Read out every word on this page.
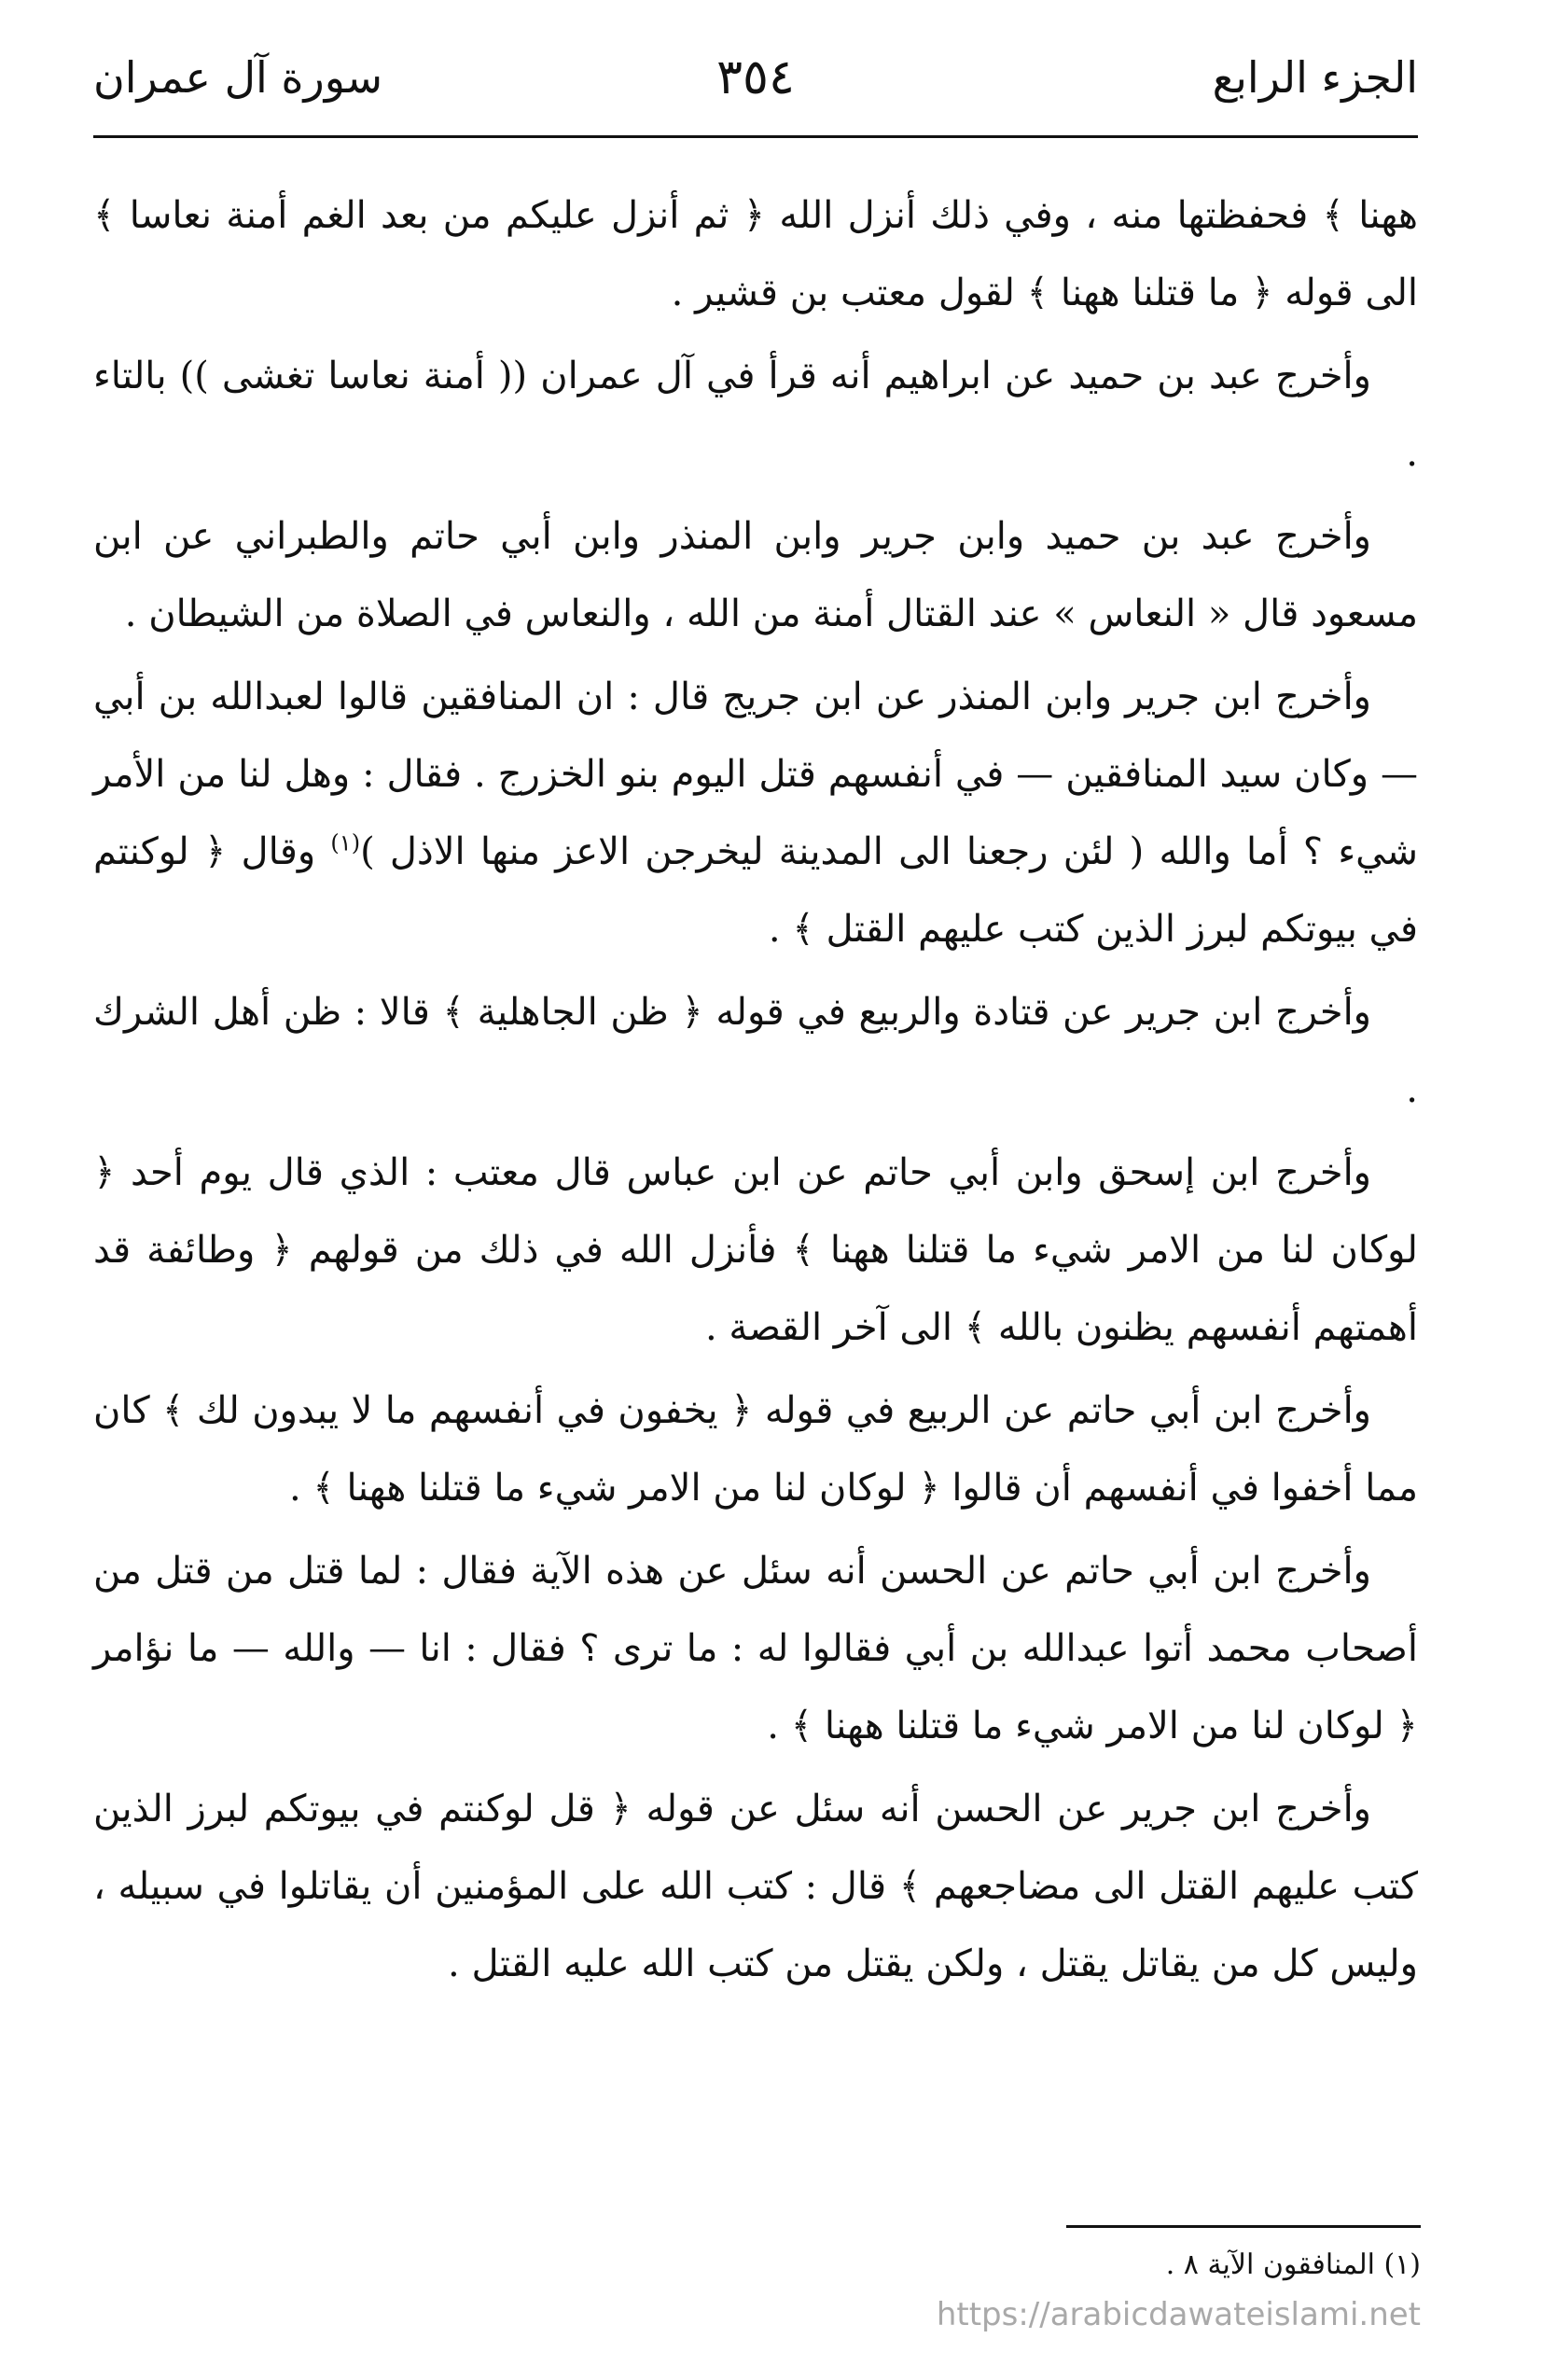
الجزء الرابع
٣٥٤
سورة آل عمران

ههنا ﴾ فحفظتها منه ، وفي ذلك أنزل الله ﴿ ثم أنزل عليكم من بعد الغم أمنة نعاسا ﴾ الى قوله ﴿ ما قتلنا ههنا ﴾ لقول معتب بن قشير .

وأخرج عبد بن حميد عن ابراهيم أنه قرأ في آل عمران (( أمنة نعاسا تغشى )) بالتاء .

وأخرج عبد بن حميد وابن جرير وابن المنذر وابن أبي حاتم والطبراني عن ابن مسعود قال « النعاس » عند القتال أمنة من الله ، والنعاس في الصلاة من الشيطان .

وأخرج ابن جرير وابن المنذر عن ابن جريج قال : ان المنافقين قالوا لعبدالله بن أبي — وكان سيد المنافقين — في أنفسهم قتل اليوم بنو الخزرج . فقال : وهل لنا من الأمر شيء ؟ أما والله ( لئن رجعنا الى المدينة ليخرجن الاعز منها الاذل )$^{(١)}$ وقال ﴿ لوكنتم في بيوتكم لبرز الذين كتب عليهم القتل ﴾ .

وأخرج ابن جرير عن قتادة والربيع في قوله ﴿ ظن الجاهلية ﴾ قالا : ظن أهل الشرك .

وأخرج ابن إسحق وابن أبي حاتم عن ابن عباس قال معتب : الذي قال يوم أحد ﴿ لوكان لنا من الامر شيء ما قتلنا ههنا ﴾ فأنزل الله في ذلك من قولهم ﴿ وطائفة قد أهمتهم أنفسهم يظنون بالله ﴾ الى آخر القصة .

وأخرج ابن أبي حاتم عن الربيع في قوله ﴿ يخفون في أنفسهم ما لا يبدون لك ﴾ كان مما أخفوا في أنفسهم أن قالوا ﴿ لوكان لنا من الامر شيء ما قتلنا ههنا ﴾ .

وأخرج ابن أبي حاتم عن الحسن أنه سئل عن هذه الآية فقال : لما قتل من قتل من أصحاب محمد أتوا عبدالله بن أبي فقالوا له : ما ترى ؟ فقال : انا — والله — ما نؤامر ﴿ لوكان لنا من الامر شيء ما قتلنا ههنا ﴾ .

وأخرج ابن جرير عن الحسن أنه سئل عن قوله ﴿ قل لوكنتم في بيوتكم لبرز الذين كتب عليهم القتل الى مضاجعهم ﴾ قال : كتب الله على المؤمنين أن يقاتلوا في سبيله ، وليس كل من يقاتل يقتل ، ولكن يقتل من كتب الله عليه القتل .

(١) المنافقون الآية ٨ .
https://arabicdawateislami.net
